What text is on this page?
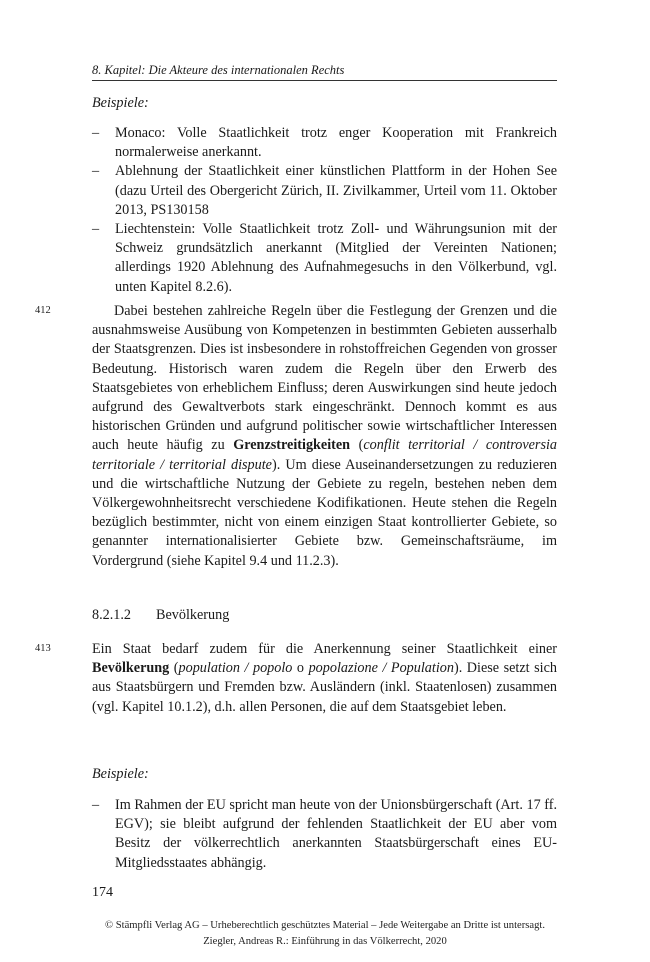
8. Kapitel: Die Akteure des internationalen Rechts
Beispiele:
– Monaco: Volle Staatlichkeit trotz enger Kooperation mit Frankreich normalerweise anerkannt.
– Ablehnung der Staatlichkeit einer künstlichen Plattform in der Hohen See (dazu Urteil des Obergericht Zürich, II. Zivilkammer, Urteil vom 11. Oktober 2013, PS130158
– Liechtenstein: Volle Staatlichkeit trotz Zoll- und Währungsunion mit der Schweiz grundsätzlich anerkannt (Mitglied der Vereinten Nationen; allerdings 1920 Ablehnung des Aufnahmegesuchs in den Völkerbund, vgl. unten Kapitel 8.2.6).
412	Dabei bestehen zahlreiche Regeln über die Festlegung der Grenzen und die ausnahmsweise Ausübung von Kompetenzen in bestimmten Gebieten ausserhalb der Staatsgrenzen. Dies ist insbesondere in rohstoffreichen Gegenden von grosser Bedeutung. Historisch waren zudem die Regeln über den Erwerb des Staatsgebietes von erheblichem Einfluss; deren Auswirkungen sind heute jedoch aufgrund des Gewaltverbots stark eingeschränkt. Dennoch kommt es aus historischen Gründen und aufgrund politischer sowie wirtschaftlicher Interessen auch heute häufig zu Grenzstreitigkeiten (conflit territorial / controversia territoriale / territorial dispute). Um diese Auseinandersetzungen zu reduzieren und die wirtschaftliche Nutzung der Gebiete zu regeln, bestehen neben dem Völkergewohnheitsrecht verschiedene Kodifikationen. Heute stehen die Regeln bezüglich bestimmter, nicht von einem einzigen Staat kontrollierter Gebiete, so genannter internationalisierter Gebiete bzw. Gemeinschaftsräume, im Vordergrund (siehe Kapitel 9.4 und 11.2.3).
8.2.1.2 Bevölkerung
413	Ein Staat bedarf zudem für die Anerkennung seiner Staatlichkeit einer Bevölkerung (population / popolo o popolazione / Population). Diese setzt sich aus Staatsbürgern und Fremden bzw. Ausländern (inkl. Staatenlosen) zusammen (vgl. Kapitel 10.1.2), d.h. allen Personen, die auf dem Staatsgebiet leben.
Beispiele:
– Im Rahmen der EU spricht man heute von der Unionsbürgerschaft (Art. 17 ff. EGV); sie bleibt aufgrund der fehlenden Staatlichkeit der EU aber vom Besitz der völkerrechtlich anerkannten Staatsbürgerschaft eines EU-Mitgliedsstaates abhängig.
174
© Stämpfli Verlag AG – Urheberechtlich geschütztes Material – Jede Weitergabe an Dritte ist untersagt.
Ziegler, Andreas R.: Einführung in das Völkerrecht, 2020
